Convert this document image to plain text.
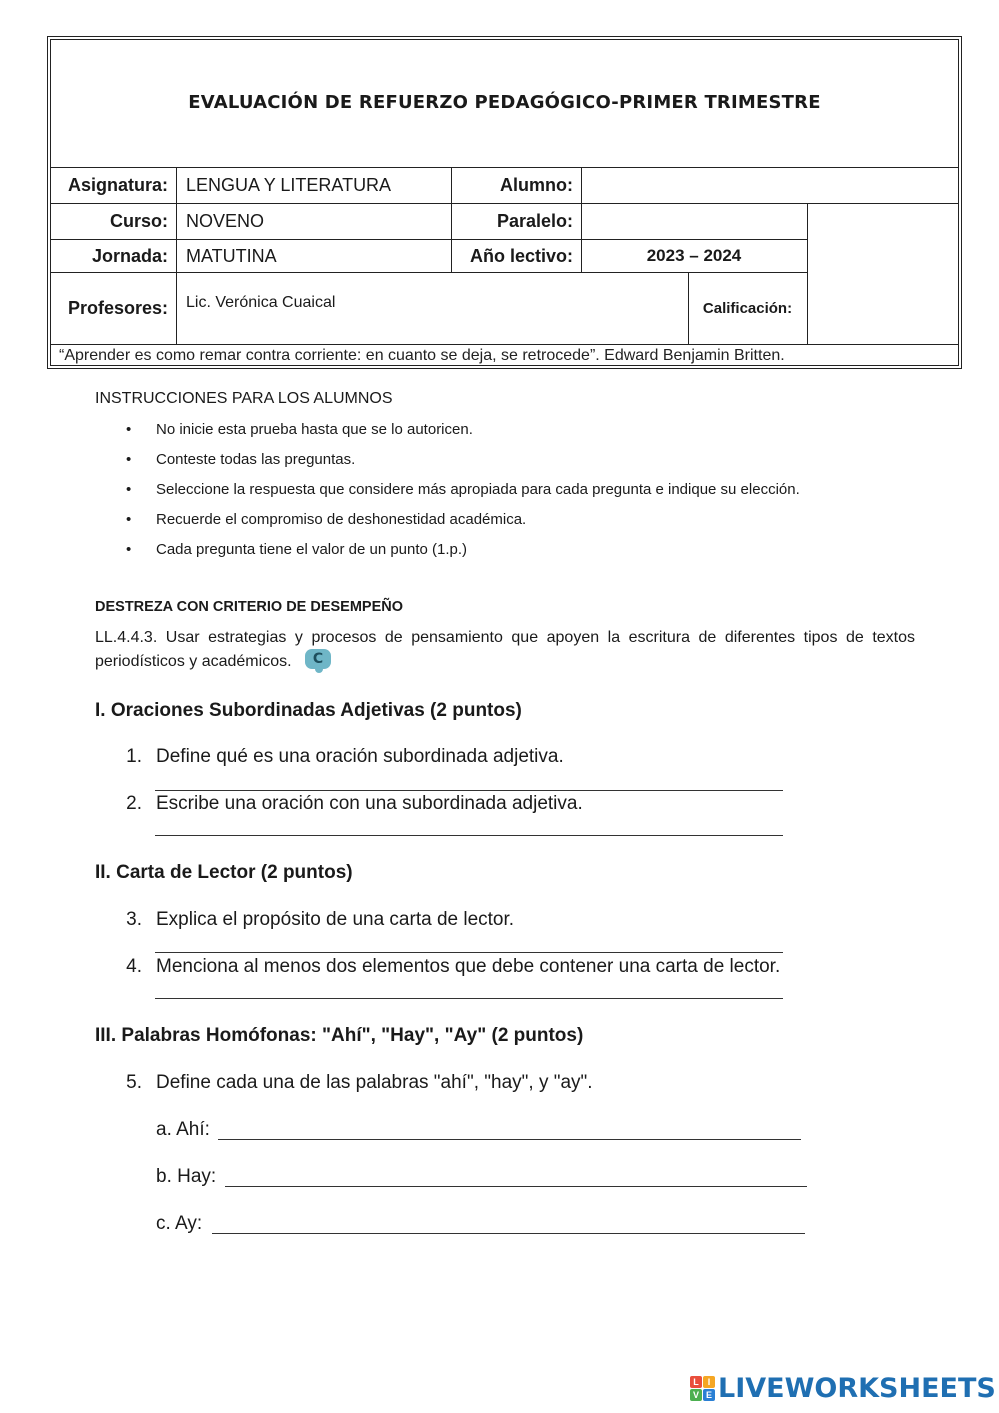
EVALUACIÓN DE REFUERZO PEDAGÓGICO-PRIMER TRIMESTRE
Asignatura: LENGUA Y LITERATURA	Alumno:
Curso: NOVENO	Paralelo:
Jornada: MATUTINA	Año lectivo:	2023 – 2024
Profesores: Lic. Verónica Cuaical	Calificación:
“Aprender es como remar contra corriente: en cuanto se deja, se retrocede”. Edward Benjamin Britten.
INSTRUCCIONES PARA LOS ALUMNOS
• No inicie esta prueba hasta que se lo autoricen.
• Conteste todas las preguntas.
• Seleccione la respuesta que considere más apropiada para cada pregunta e indique su elección.
• Recuerde el compromiso de deshonestidad académica.
• Cada pregunta tiene el valor de un punto (1.p.)
DESTREZA CON CRITERIO DE DESEMPEÑO
LL.4.4.3. Usar estrategias y procesos de pensamiento que apoyen la escritura de diferentes tipos de textos periodísticos y académicos.	C
I. Oraciones Subordinadas Adjetivas (2 puntos)
1. Define qué es una oración subordinada adjetiva.
2. Escribe una oración con una subordinada adjetiva.
II. Carta de Lector (2 puntos)
3. Explica el propósito de una carta de lector.
4. Menciona al menos dos elementos que debe contener una carta de lector.
III. Palabras Homófonas: "Ahí", "Hay", "Ay" (2 puntos)
5. Define cada una de las palabras "ahí", "hay", y "ay".
a. Ahí:
b. Hay:
c. Ay:
L I
V E LIVEWORKSHEETS
